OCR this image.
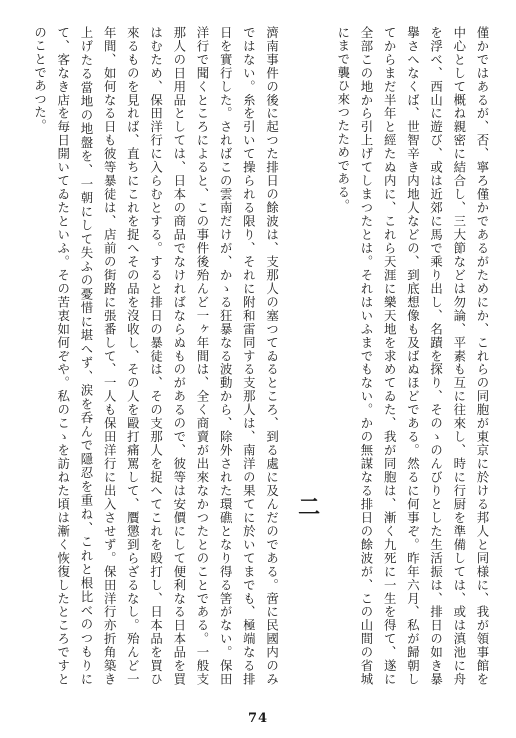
僅かではあるが、否、寧ろ僅かであるがためにか、これらの同胞が東京に於ける邦人と同様に、我が領事館を中心として概ね親密に結合し、三大節などは勿論、平素も互に往來し、時に行厨を準備しては、或は滇池に舟を浮べ、西山に遊び、或は近郊に馬で乘り出し、名蹟を探り、そのゝのんびりとした生活振は、排日の如き暴擧さへなくば、世智辛き内地人などの、到底想像も及ばぬほどである。然るに何事ぞ。昨年六月、私が歸朝してからまだ半年と經たぬ内に、これら天涯に樂天地を求めてゐた、我が同胞は、漸く九死に一生を得て、遂に全部この地から引上げてしまつたとは。それはいふまでもない。かの無謀なる排日の餘波が、この山間の省城にまで襲ひ來つたためである。

二

濟南事件の後に起つた排日の餘波は、支那人の塞つてゐるところ、到る處に及んだのである。啻に民國内のみではない。糸を引いて操られる限り、それに附和雷同する支那人は、南洋の果てに於いてまでも、極端なる排日を實行した。さればこの雲南だけが、かゝる狂暴なる波動から、除外された環礁となり得る筈がない。保田洋行で聞くところによると、この事件後殆んど一ヶ年間は、全く商賣が出來なかつたとのことである。一般支那人の日用品としては、日本の商品でなければならぬものがあるので、彼等は安價にして便利なる日本品を買はむため、保田洋行に入らむとする。すると排日の暴徒は、その支那人を捉へてこれを殴打し、日本品を買ひ來るものを見れば、直ちにこれを捉へその品を沒收し、その人を毆打痛罵して、贋懲到らざるなし。殆んど一年間、如何なる日も彼等暴徒は、店前の街路に張番して、一人も保田洋行に出入させず。保田洋行亦折角築き上げたる當地の地盤を、一朝にして失ふの憂惜に堪へず、涙を呑んで隱忍を重ね、これと根比べのつもりにて、客なき店を毎日開いてゐたといふ。その苦衷如何ぞや。私のこゝを訪ねた頃は漸く恢復したところですとのことであつた。

74
